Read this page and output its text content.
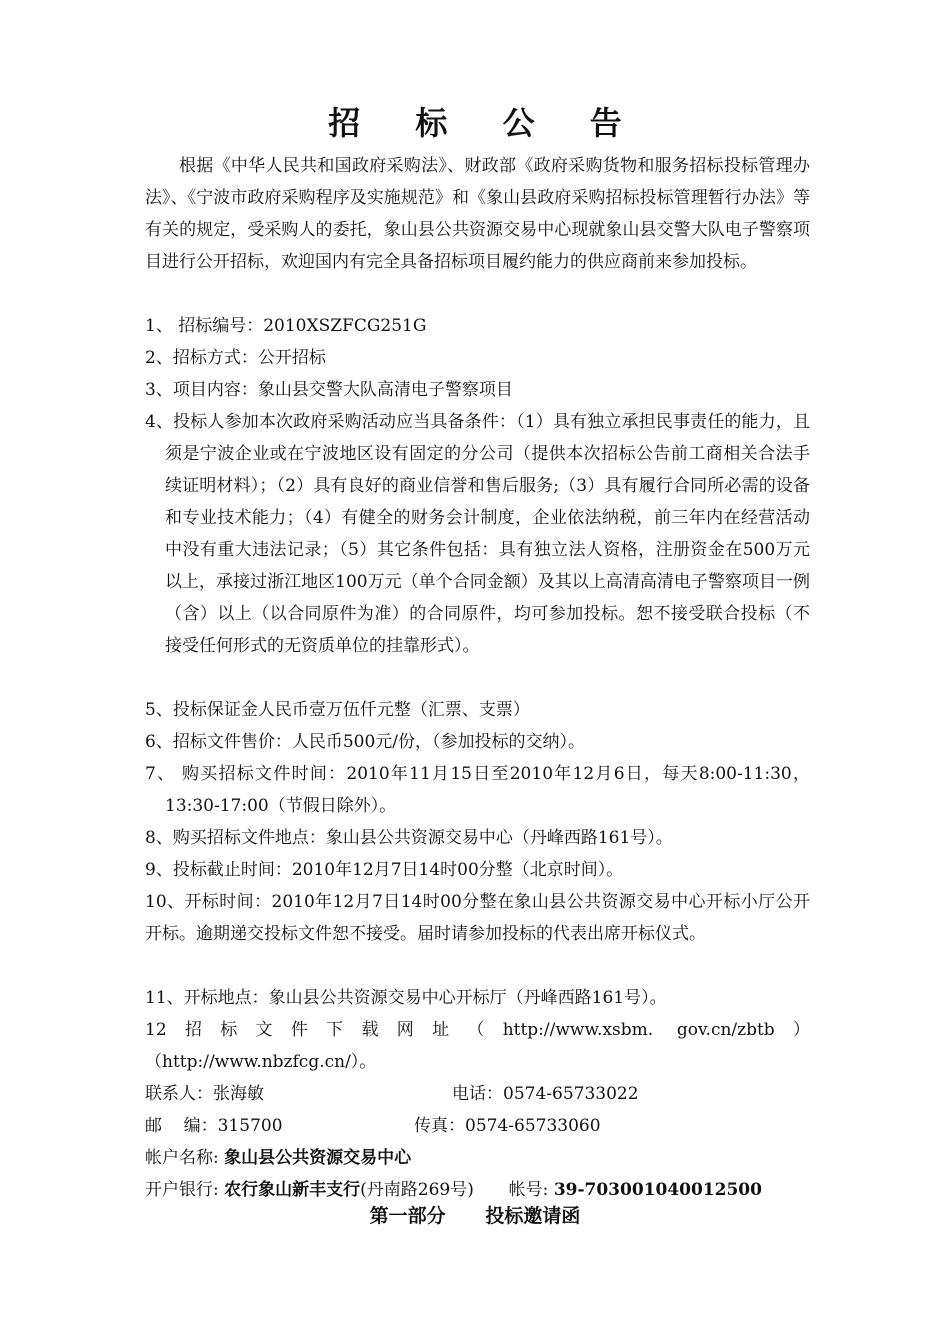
招 标 公 告

根据《中华人民共和国政府采购法》、财政部《政府采购货物和服务招标投标管理办法》、《宁波市政府采购程序及实施规范》和《象山县政府采购招标投标管理暂行办法》等有关的规定，受采购人的委托，象山县公共资源交易中心现就象山县交警大队电子警察项目进行公开招标，欢迎国内有完全具备招标项目履约能力的供应商前来参加投标。

1、 招标编号：2010XSZFCG251G

2、招标方式：公开招标

3、项目内容：象山县交警大队高清电子警察项目

4、投标人参加本次政府采购活动应当具备条件：（1）具有独立承担民事责任的能力，且须是宁波企业或在宁波地区设有固定的分公司（提供本次招标公告前工商相关合法手续证明材料）；（2）具有良好的商业信誉和售后服务;（3）具有履行合同所必需的设备和专业技术能力；（4）有健全的财务会计制度，企业依法纳税，前三年内在经营活动中没有重大违法记录；（5）其它条件包括：具有独立法人资格，注册资金在500万元以上，承接过浙江地区100万元（单个合同金额）及其以上高清高清电子警察项目一例（含）以上（以合同原件为准）的合同原件，均可参加投标。恕不接受联合投标（不接受任何形式的无资质单位的挂靠形式）。

5、投标保证金人民币壹万伍仟元整（汇票、支票）

6、招标文件售价：人民币500元/份，（参加投标的交纳）。

7、 购买招标文件时间：2010年11月15日至2010年12月6日，每天8:00-11:30，13:30-17:00（节假日除外）。

8、购买招标文件地点：象山县公共资源交易中心（丹峰西路161号）。

9、投标截止时间：2010年12月7日14时00分整（北京时间）。

10、开标时间：2010年12月7日14时00分整在象山县公共资源交易中心开标小厅公开开标。逾期递交投标文件恕不接受。届时请参加投标的代表出席开标仪式。

11、开标地点：象山县公共资源交易中心开标厅（丹峰西路161号）。

12招标文件下载网址（http://www.xsbm. gov.cn/zbtb）（http://www.nbzfcg.cn/）。

联系人：张海敏	电话：0574-65733022
邮    编：315700	传真：0574-65733060
帐户名称: 象山县公共资源交易中心
开户银行: 农行象山新丰支行(丹南路269号) 帐号: 39-703001040012500
第一部分      投标邀请函
